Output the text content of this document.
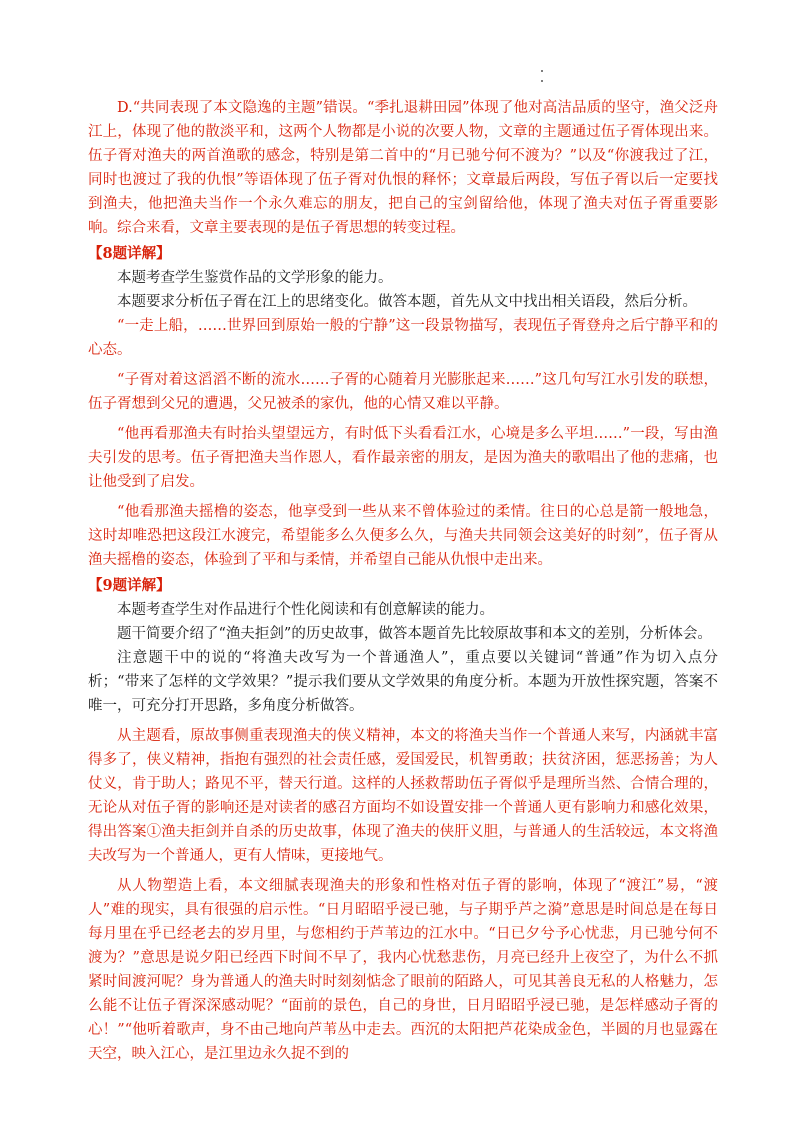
D.“共同表现了本文隐逸的主题”错误。“季扎退耕田园”体现了他对高洁品质的坚守，渔父泛舟江上，体现了他的散淡平和，这两个人物都是小说的次要人物，文章的主题通过伍子胥体现出来。伍子胥对渔夫的两首渔歌的感念，特别是第二首中的“月已驰兮何不渡为？”以及“你渡我过了江，同时也渡过了我的仇恨”等语体现了伍子胥对仇恨的释怀；文章最后两段，写伍子胥以后一定要找到渔夫，他把渔夫当作一个永久难忘的朋友，把自己的宝剑留给他，体现了渔夫对伍子胥重要影响。综合来看，文章主要表现的是伍子胥思想的转变过程。

【8题详解】

本题考查学生鉴赏作品的文学形象的能力。

本题要求分析伍子胥在江上的思绪变化。做答本题，首先从文中找出相关语段，然后分析。

“一走上船，……世界回到原始一般的宁静”这一段景物描写，表现伍子胥登舟之后宁静平和的心态。

“子胥对着这滔滔不断的流水……子胥的心随着月光膨胀起来……”这几句写江水引发的联想，伍子胥想到父兄的遭遇，父兄被杀的家仇，他的心情又难以平静。

“他再看那渔夫有时抬头望望远方，有时低下头看看江水，心境是多么平坦……”一段，写由渔夫引发的思考。伍子胥把渔夫当作恩人，看作最亲密的朋友，是因为渔夫的歌唱出了他的悲痛，也让他受到了启发。

“他看那渔夫摇橹的姿态，他享受到一些从来不曾体验过的柔情。往日的心总是箭一般地急，这时却唯恐把这段江水渡完，希望能多么久便多么久，与渔夫共同领会这美好的时刻”，伍子胥从渔夫摇橹的姿态，体验到了平和与柔情，并希望自己能从仇恨中走出来。

【9题详解】

本题考查学生对作品进行个性化阅读和有创意解读的能力。

题干简要介绍了“渔夫拒剑”的历史故事，做答本题首先比较原故事和本文的差别，分析体会。

注意题干中的说的“将渔夫改写为一个普通渔人”，重点要以关键词“普通”作为切入点分析；“带来了怎样的文学效果？”提示我们要从文学效果的角度分析。本题为开放性探究题，答案不唯一，可充分打开思路，多角度分析做答。

从主题看，原故事侧重表现渔夫的侠义精神，本文的将渔夫当作一个普通人来写，内涵就丰富得多了，侠义精神，指抱有强烈的社会责任感，爱国爱民，机智勇敢；扶贫济困，惩恶扬善；为人仗义，肯于助人；路见不平，替天行道。这样的人拯救帮助伍子胥似乎是理所当然、合情合理的，无论从对伍子胥的影响还是对读者的感召方面均不如设置安排一个普通人更有影响力和感化效果，得出答案①渔夫拒剑并自杀的历史故事，体现了渔夫的侠肝义胆，与普通人的生活较远，本文将渔夫改写为一个普通人，更有人情味，更接地气。

从人物塑造上看，本文细腻表现渔夫的形象和性格对伍子胥的影响，体现了“渡江”易，“渡人”难的现实，具有很强的启示性。“日月昭昭乎浸已驰，与子期乎芦之漪”意思是时间总是在每日每月里在乎已经老去的岁月里，与您相约于芦苇边的江水中。“日已夕兮予心忧悲，月已驰兮何不渡为？”意思是说夕阳已经西下时间不早了，我内心忧愁悲伤，月亮已经升上夜空了，为什么不抓紧时间渡河呢？身为普通人的渔夫时时刻刻惦念了眼前的陌路人，可见其善良无私的人格魅力，怎么能不让伍子胥深深感动呢？“面前的景色，自己的身世，日月昭昭乎浸已驰，是怎样感动子胥的心！”“他听着歌声，身不由己地向芦苇丛中走去。西沉的太阳把芦花染成金色，半圆的月也显露在天空，映入江心，是江里边永久捉不到的
